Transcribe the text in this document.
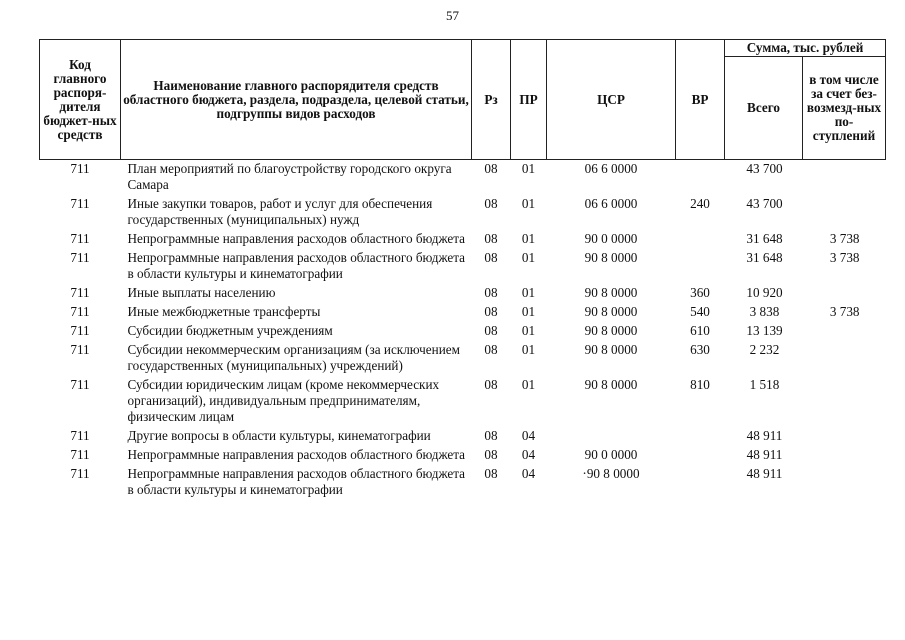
57
Код главного распоря-дителя бюджет-ных средств	Наименование главного распорядителя средств областного бюджета, раздела, подраздела, целевой статьи, подгруппы видов расходов	Рз	ПР	ЦСР	ВР	Сумма, тыс. рублей	
						Всего	в том числе за счет без-возмезд-ных по-ступлений
711	План мероприятий по благоустройству городского округа Самара	08	01	06 6 0000		43 700	
711	Иные закупки товаров, работ и услуг для обеспечения государственных (муниципальных) нужд	08	01	06 6 0000	240	43 700	
711	Непрограммные направления расходов областного бюджета	08	01	90 0 0000		31 648	3 738
711	Непрограммные направления расходов областного бюджета в области культуры и кинематографии	08	01	90 8 0000		31 648	3 738
711	Иные выплаты населению	08	01	90 8 0000	360	10 920	
711	Иные межбюджетные трансферты	08	01	90 8 0000	540	3 838	3 738
711	Субсидии бюджетным учреждениям	08	01	90 8 0000	610	13 139	
711	Субсидии некоммерческим организациям (за исключением государственных (муниципальных) учреждений)	08	01	90 8 0000	630	2 232	
711	Субсидии юридическим лицам (кроме некоммерческих организаций), индивидуальным предпринимателям, физическим лицам	08	01	90 8 0000	810	1 518	
711	Другие вопросы в области культуры, кинематографии	08	04			48 911	
711	Непрограммные направления расходов областного бюджета	08	04	90 0 0000		48 911	
711	Непрограммные направления расходов областного бюджета в области культуры и кинематографии	08	04	·90 8 0000		48 911	
